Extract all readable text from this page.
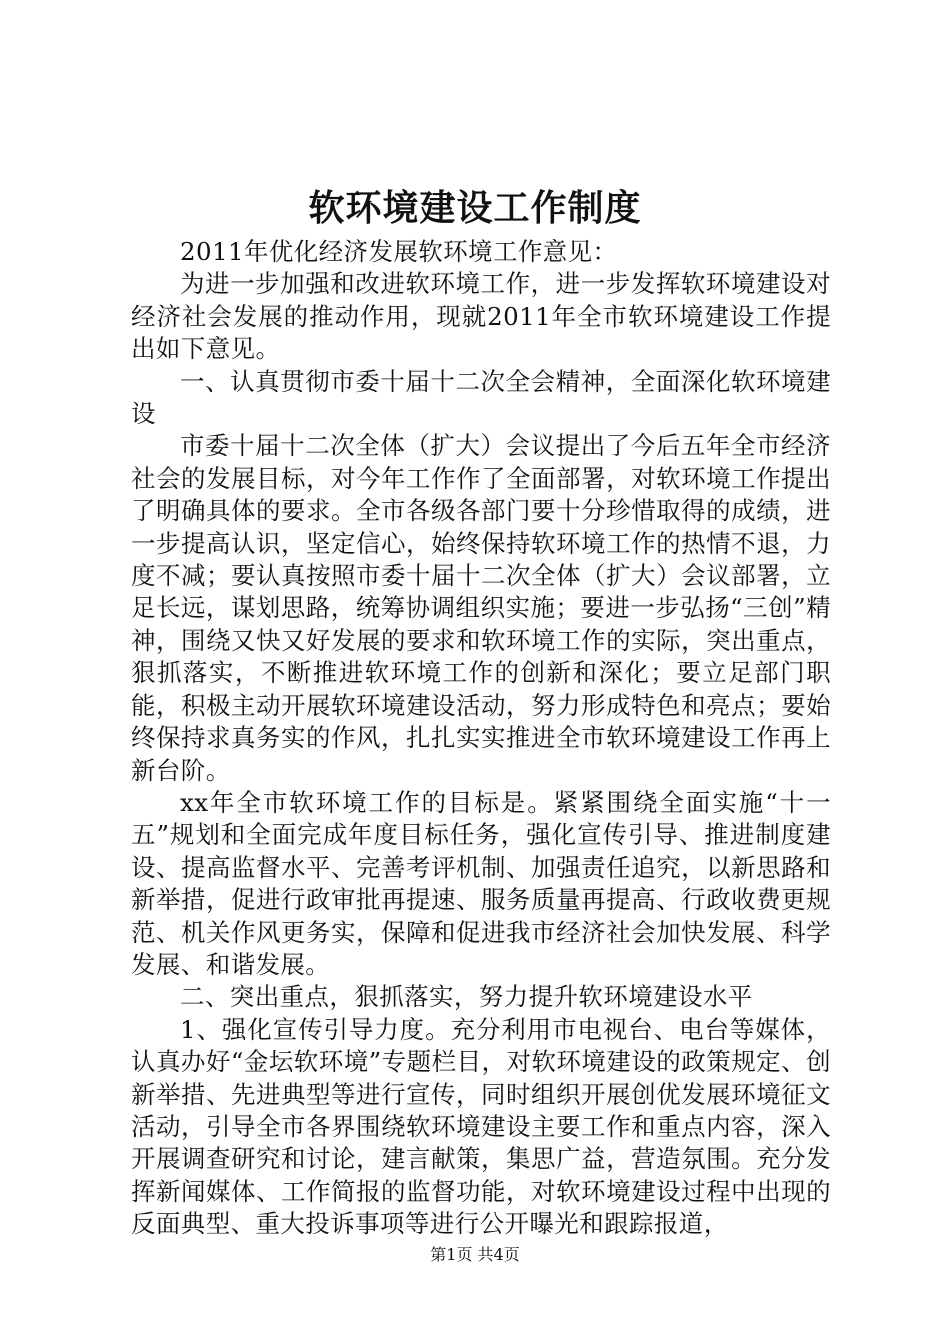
软环境建设工作制度

2011年优化经济发展软环境工作意见：

为进一步加强和改进软环境工作，进一步发挥软环境建设对经济社会发展的推动作用，现就2011年全市软环境建设工作提出如下意见。

一、认真贯彻市委十届十二次全会精神，全面深化软环境建设

市委十届十二次全体（扩大）会议提出了今后五年全市经济社会的发展目标，对今年工作作了全面部署，对软环境工作提出了明确具体的要求。全市各级各部门要十分珍惜取得的成绩，进一步提高认识，坚定信心，始终保持软环境工作的热情不退，力度不减；要认真按照市委十届十二次全体（扩大）会议部署，立足长远，谋划思路，统筹协调组织实施；要进一步弘扬“三创”精神，围绕又快又好发展的要求和软环境工作的实际，突出重点，狠抓落实，不断推进软环境工作的创新和深化；要立足部门职能，积极主动开展软环境建设活动，努力形成特色和亮点；要始终保持求真务实的作风，扎扎实实推进全市软环境建设工作再上新台阶。

xx年全市软环境工作的目标是。紧紧围绕全面实施“十一五”规划和全面完成年度目标任务，强化宣传引导、推进制度建设、提高监督水平、完善考评机制、加强责任追究，以新思路和新举措，促进行政审批再提速、服务质量再提高、行政收费更规范、机关作风更务实，保障和促进我市经济社会加快发展、科学发展、和谐发展。

二、突出重点，狠抓落实，努力提升软环境建设水平

1、强化宣传引导力度。充分利用市电视台、电台等媒体，认真办好“金坛软环境”专题栏目，对软环境建设的政策规定、创新举措、先进典型等进行宣传，同时组织开展创优发展环境征文活动，引导全市各界围绕软环境建设主要工作和重点内容，深入开展调查研究和讨论，建言献策，集思广益，营造氛围。充分发挥新闻媒体、工作简报的监督功能，对软环境建设过程中出现的反面典型、重大投诉事项等进行公开曝光和跟踪报道，

第1页 共4页
